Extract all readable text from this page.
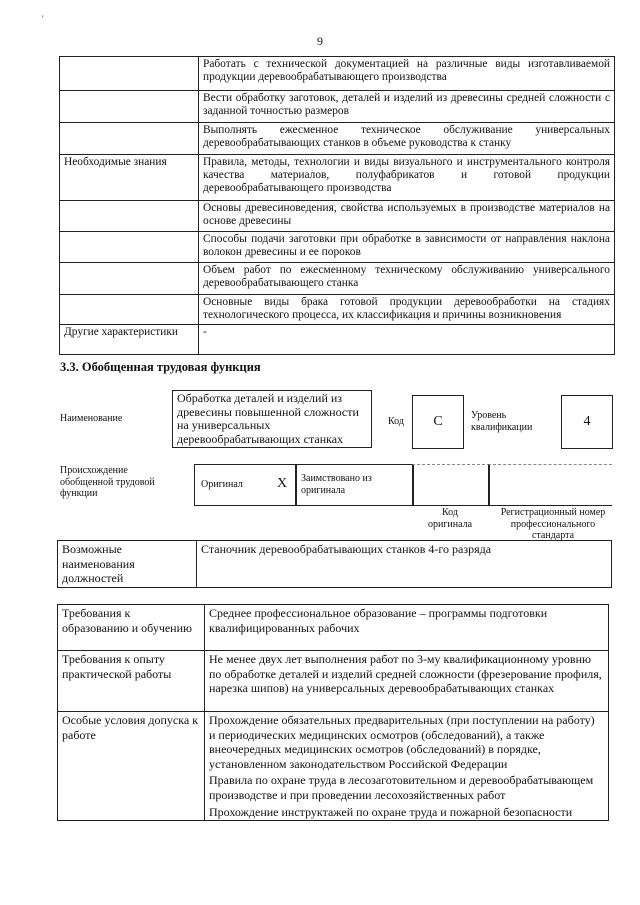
'
9
	Работать с технической документацией на различные виды изготавливаемой продукции деревообрабатывающего производства
	Вести обработку заготовок, деталей и изделий из древесины средней сложности с заданной точностью размеров
	Выполнять ежесменное техническое обслуживание универсальных деревообрабатывающих станков в объеме руководства к станку
Необходимые знания	Правила, методы, технологии и виды визуального и инструментального контроля качества материалов, полуфабрикатов и готовой продукции деревообрабатывающего производства
	Основы древесиноведения, свойства используемых в производстве материалов на основе древесины
	Способы подачи заготовки при обработке в зависимости от направления наклона волокон древесины и ее пороков
	Объем работ по ежесменному техническому обслуживанию универсального деревообрабатывающего станка
	Основные виды брака готовой продукции деревообработки на стадиях технологического процесса, их классификация и причины возникновения
Другие характеристики	-
3.3. Обобщенная трудовая функция
Наименование
Обработка деталей и изделий из древесины повышенной сложности на универсальных деревообрабатывающих станках
Код	C	Уровень квалификации	4
Происхождение обобщенной трудовой функции
Оригинал X Заимствовано из оригинала
Код оригинала
Регистрационный номер профессионального стандарта
Возможные наименования должностей	Станочник деревообрабатывающих станков 4-го разряда
Требования к образованию и обучению	Среднее профессиональное образование – программы подготовки квалифицированных рабочих
Требования к опыту практической работы	Не менее двух лет выполнения работ по 3-му квалификационному уровню по обработке деталей и изделий средней сложности (фрезерование профиля, нарезка шипов) на универсальных деревообрабатывающих станках
Особые условия допуска к работе	Прохождение обязательных предварительных (при поступлении на работу) и периодических медицинских осмотров (обследований), а также внеочередных медицинских осмотров (обследований) в порядке, установленном законодательством Российской Федерации
	Правила по охране труда в лесозаготовительном и деревообрабатывающем производстве и при проведении лесохозяйственных работ
	Прохождение инструктажей по охране труда и пожарной безопасности
